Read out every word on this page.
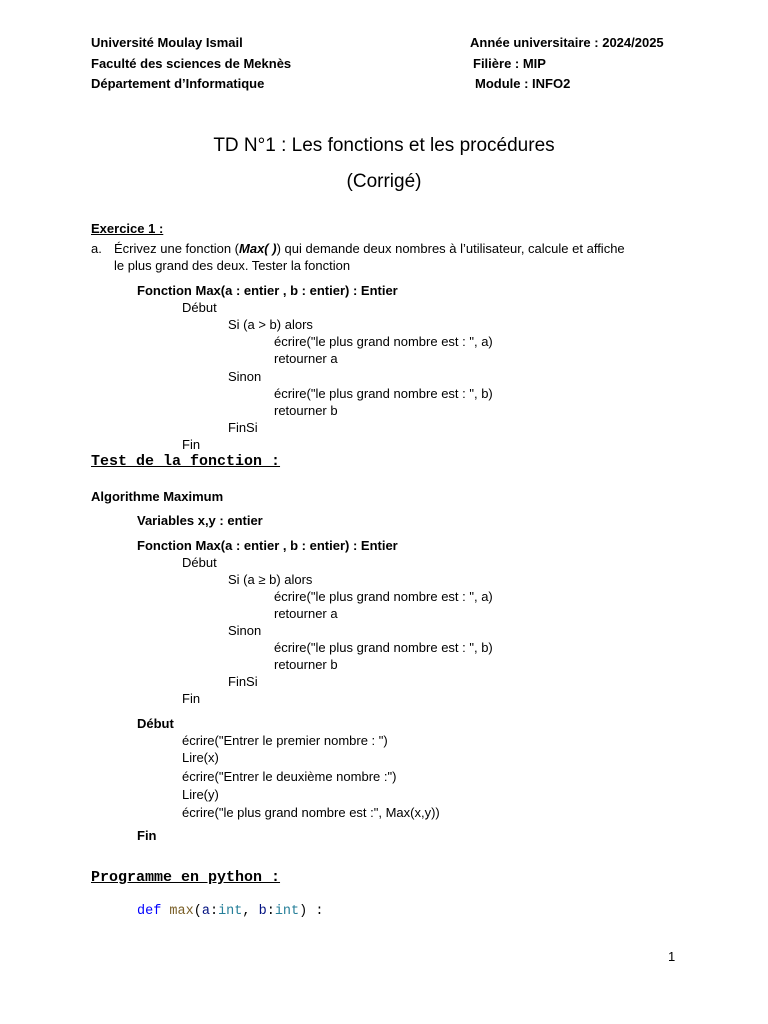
Université Moulay Ismail
Faculté des sciences de Meknès
Département d’Informatique
Année universitaire : 2024/2025
Filière : MIP
Module : INFO2
TD N°1 : Les fonctions et les procédures
(Corrigé)
Exercice 1 :
a. Écrivez une fonction (Max( )) qui demande deux nombres à l’utilisateur, calcule et affiche
le plus grand des deux. Tester la fonction
Fonction Max(a : entier , b : entier) : Entier
Début
Si (a > b) alors
écrire("le plus grand nombre est : ", a)
retourner a
Sinon
écrire("le plus grand nombre est : ", b)
retourner b
FinSi
Fin
Test de la fonction :
Algorithme Maximum
Variables x,y : entier
Fonction Max(a : entier , b : entier) : Entier
Début
Si (a ≥ b) alors
écrire("le plus grand nombre est : ", a)
retourner a
Sinon
écrire("le plus grand nombre est : ", b)
retourner b
FinSi
Fin
Début
écrire("Entrer le premier nombre : ")
Lire(x)
écrire("Entrer le deuxième nombre :")
Lire(y)
écrire("le plus grand nombre est :", Max(x,y))
Fin
Programme en python :
def max(a:int, b:int) :
1
